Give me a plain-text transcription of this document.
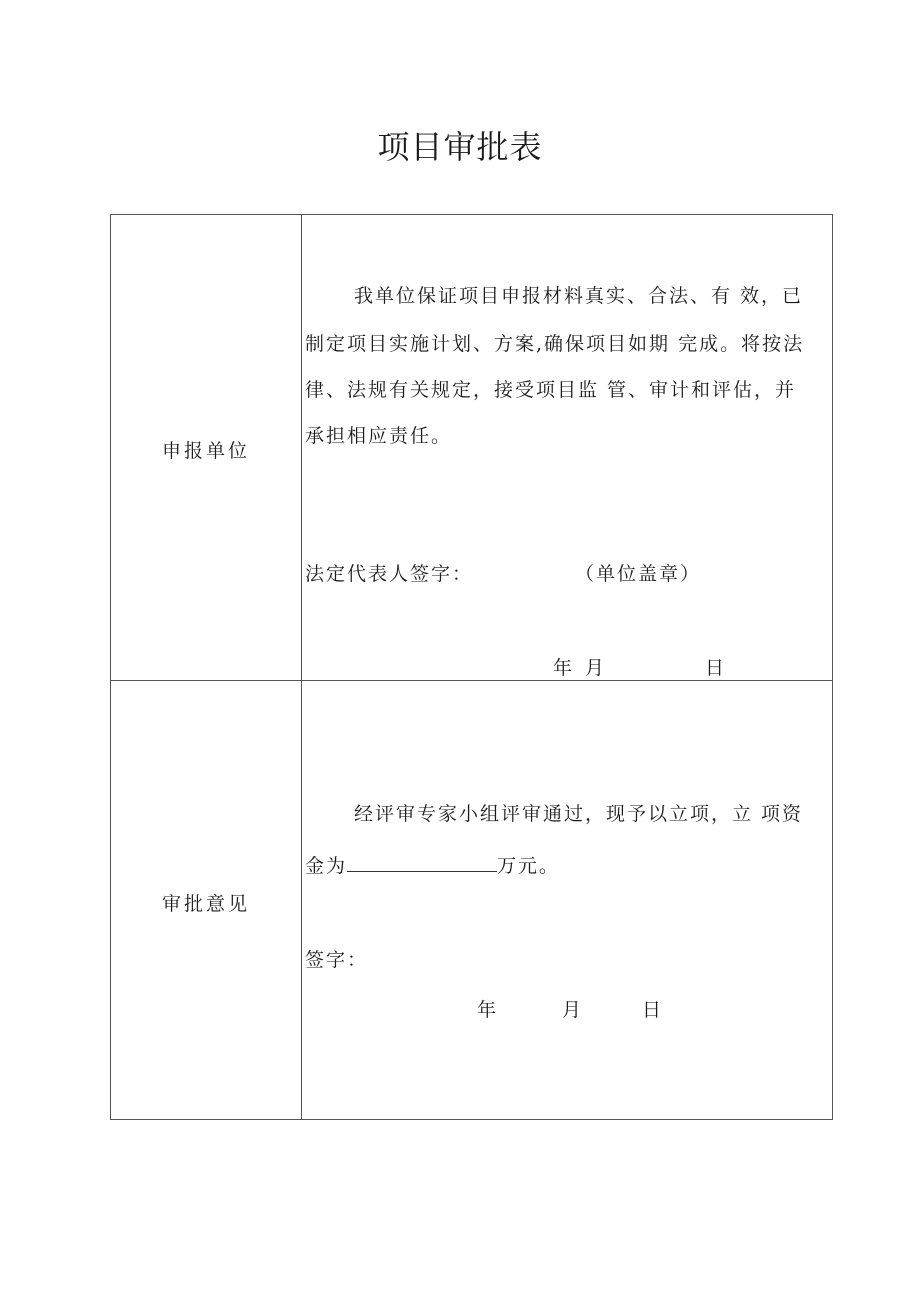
项目审批表
申报单位
我单位保证项目申报材料真实、合法、有 效，已
制定项目实施计划、方案,确保项目如期 完成。将按法
律、法规有关规定，接受项目监 管、审计和评估，并
承担相应责任。
法定代表人签字：	（单位盖章）
年 月	日
审批意见
经评审专家小组评审通过，现予以立项，立 项资
金为	万元。
签字：
年	月	日
